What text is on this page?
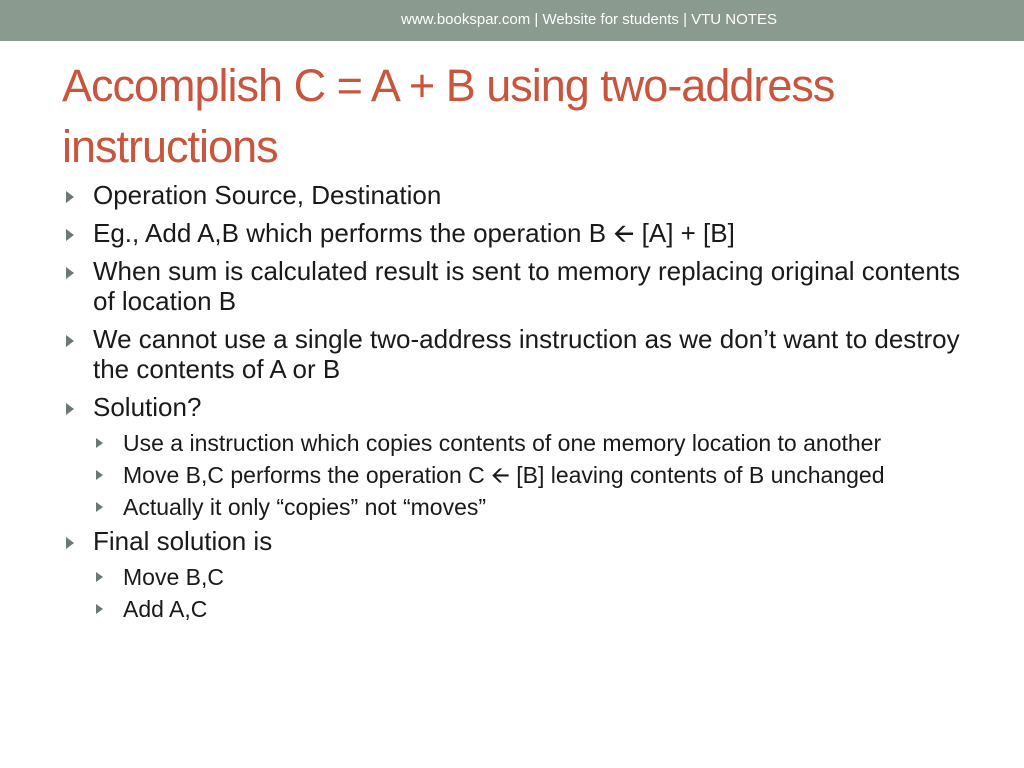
www.bookspar.com | Website for students | VTU NOTES
Accomplish C = A + B using two-address instructions
Operation Source, Destination
Eg., Add A,B which performs the operation B 🡨 [A] + [B]
When sum is calculated result is sent to memory replacing original contents of location B
We cannot use a single two-address instruction as we don’t want to destroy the contents of A or B
Solution?
Use a instruction which copies contents of one memory location to another
Move B,C performs the operation C 🡨 [B] leaving contents of B unchanged
Actually it only “copies” not “moves”
Final solution is
Move B,C
Add A,C
